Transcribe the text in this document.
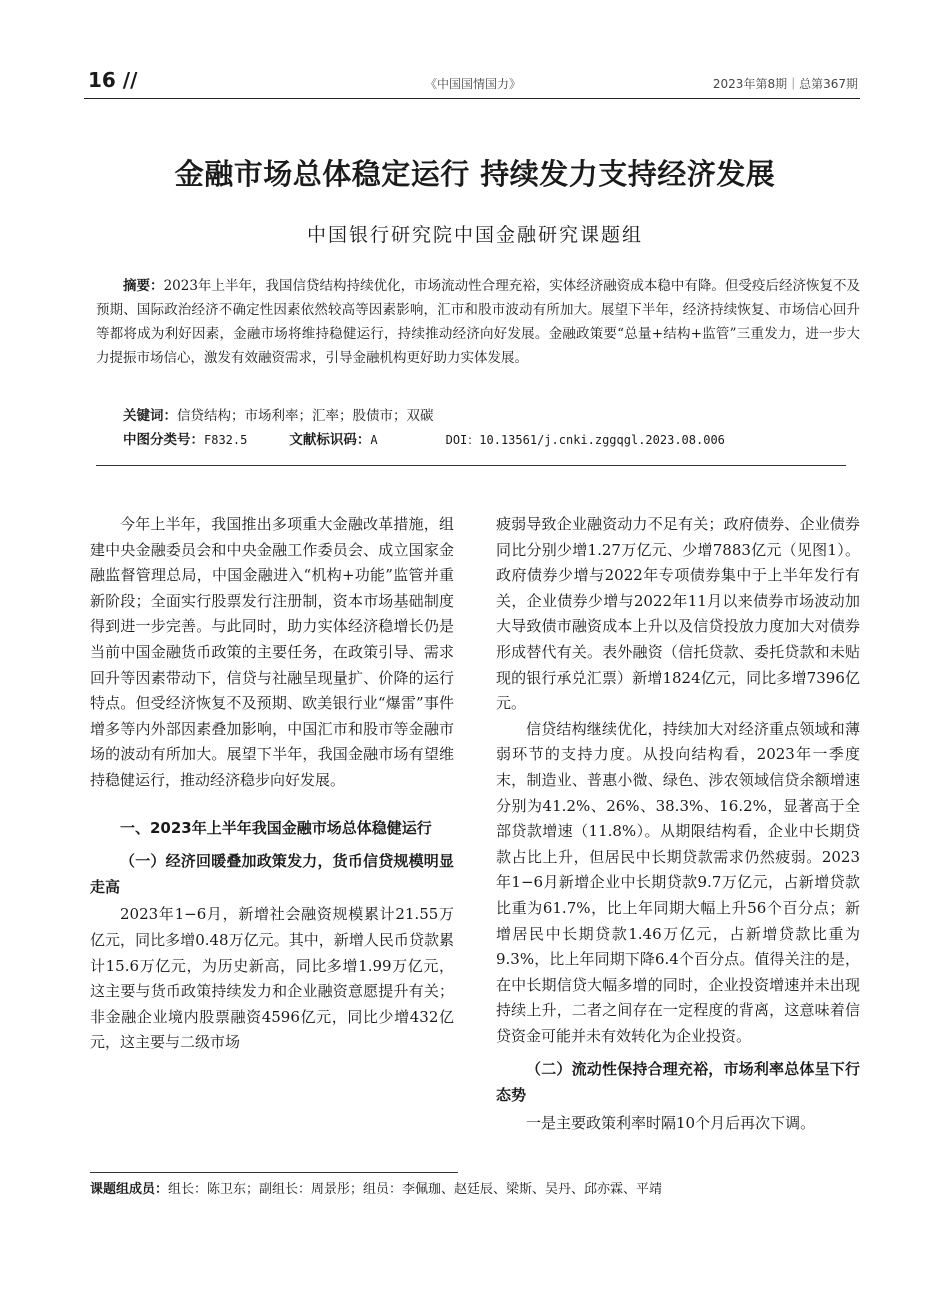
16 //	《中国国情国力》	2023年第8期｜总第367期
金融市场总体稳定运行 持续发力支持经济发展
中国银行研究院中国金融研究课题组
摘要：2023年上半年，我国信贷结构持续优化，市场流动性合理充裕，实体经济融资成本稳中有降。但受疫后经济恢复不及预期、国际政治经济不确定性因素依然较高等因素影响，汇市和股市波动有所加大。展望下半年，经济持续恢复、市场信心回升等都将成为利好因素，金融市场将维持稳健运行，持续推动经济向好发展。金融政策要“总量+结构+监管”三重发力，进一步大力提振市场信心，激发有效融资需求，引导金融机构更好助力实体发展。
关键词：信贷结构；市场利率；汇率；股债市；双碳
中图分类号：F832.5	文献标识码：A	DOI：10.13561/j.cnki.zggqgl.2023.08.006

今年上半年，我国推出多项重大金融改革措施，组建中央金融委员会和中央金融工作委员会、成立国家金融监督管理总局，中国金融进入“机构+功能”监管并重新阶段；全面实行股票发行注册制，资本市场基础制度得到进一步完善。与此同时，助力实体经济稳增长仍是当前中国金融货币政策的主要任务，在政策引导、需求回升等因素带动下，信贷与社融呈现量扩、价降的运行特点。但受经济恢复不及预期、欧美银行业“爆雷”事件增多等内外部因素叠加影响，中国汇市和股市等金融市场的波动有所加大。展望下半年，我国金融市场有望维持稳健运行，推动经济稳步向好发展。

一、2023年上半年我国金融市场总体稳健运行

（一）经济回暖叠加政策发力，货币信贷规模明显走高

2023年1−6月，新增社会融资规模累计21.55万亿元，同比多增0.48万亿元。其中，新增人民币贷款累计15.6万亿元，为历史新高，同比多增1.99万亿元，这主要与货币政策持续发力和企业融资意愿提升有关；非金融企业境内股票融资4596亿元，同比少增432亿元，这主要与二级市场

疲弱导致企业融资动力不足有关；政府债券、企业债券同比分别少增1.27万亿元、少增7883亿元（见图1）。政府债券少增与2022年专项债券集中于上半年发行有关，企业债券少增与2022年11月以来债券市场波动加大导致债市融资成本上升以及信贷投放力度加大对债券形成替代有关。表外融资（信托贷款、委托贷款和未贴现的银行承兑汇票）新增1824亿元，同比多增7396亿元。

信贷结构继续优化，持续加大对经济重点领域和薄弱环节的支持力度。从投向结构看，2023年一季度末，制造业、普惠小微、绿色、涉农领域信贷余额增速分别为41.2%、26%、38.3%、16.2%，显著高于全部贷款增速（11.8%）。从期限结构看，企业中长期贷款占比上升，但居民中长期贷款需求仍然疲弱。2023年1−6月新增企业中长期贷款9.7万亿元，占新增贷款比重为61.7%，比上年同期大幅上升56个百分点；新增居民中长期贷款1.46万亿元，占新增贷款比重为9.3%，比上年同期下降6.4个百分点。值得关注的是，在中长期信贷大幅多增的同时，企业投资增速并未出现持续上升，二者之间存在一定程度的背离，这意味着信贷资金可能并未有效转化为企业投资。

（二）流动性保持合理充裕，市场利率总体呈下行态势

一是主要政策利率时隔10个月后再次下调。

课题组成员：组长：陈卫东；副组长：周景彤；组员：李佩珈、赵廷辰、梁斯、吴丹、邱亦霖、平靖
